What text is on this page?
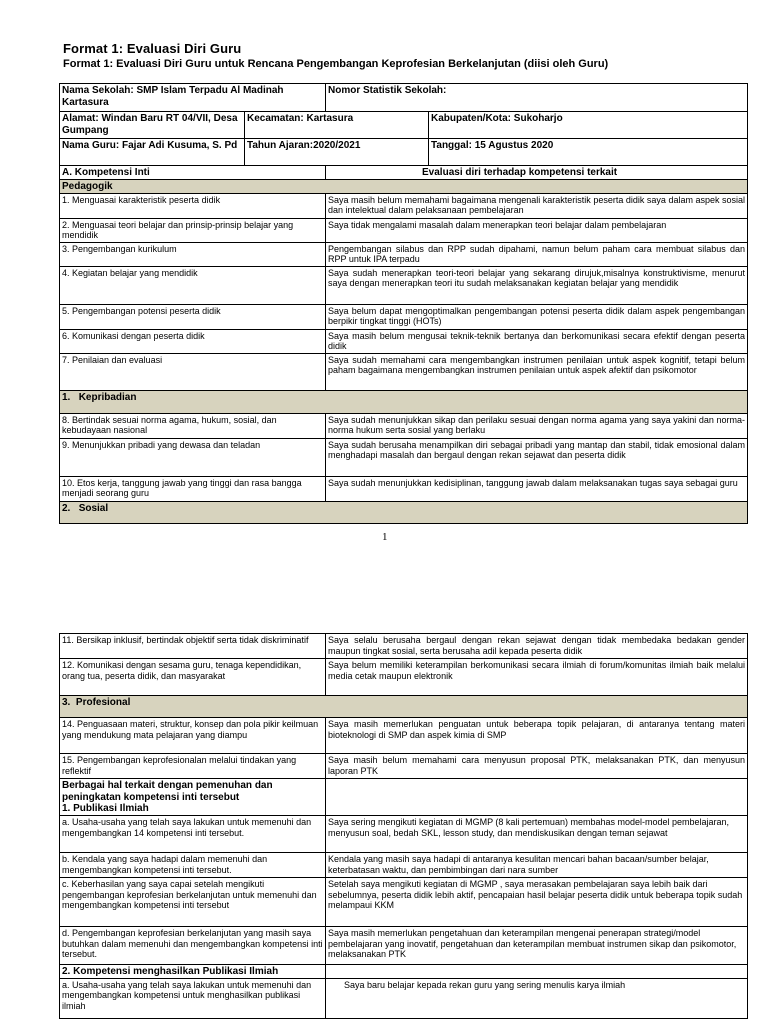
Format 1: Evaluasi Diri Guru
Format 1: Evaluasi Diri Guru untuk Rencana Pengembangan Keprofesian Berkelanjutan (diisi oleh Guru)
Nama Sekolah: SMP Islam Terpadu Al Madinah Kartasura		Nomor Statistik Sekolah:	
Alamat: Windan Baru RT 04/VII, Desa Gumpang	Kecamatan: Kartasura		Kabupaten/Kota: Sukoharjo
Nama Guru: Fajar Adi Kusuma, S. Pd	Tahun Ajaran:2020/2021		Tanggal: 15 Agustus 2020
A. Kompetensi Inti		Evaluasi diri terhadap kompetensi terkait	
Pedagogik			
1. Menguasai karakteristik peserta didik		Saya masih belum memahami bagaimana mengenali karakteristik peserta didik saya dalam aspek sosial dan intelektual dalam pelaksanaan pembelajaran	
2. Menguasai teori belajar dan prinsip-prinsip belajar yang mendidik		Saya tidak mengalami masalah dalam menerapkan teori belajar dalam pembelajaran	
3. Pengembangan kurikulum		Pengembangan silabus dan RPP sudah dipahami, namun belum paham cara membuat silabus dan RPP untuk IPA terpadu	
4. Kegiatan belajar yang mendidik		Saya sudah menerapkan teori-teori belajar yang sekarang dirujuk,misalnya konstruktivisme, menurut saya dengan menerapkan teori itu sudah melaksanakan kegiatan belajar yang mendidik	
5. Pengembangan potensi peserta didik		Saya belum dapat mengoptimalkan pengembangan potensi peserta didik dalam aspek pengembangan berpikir tingkat tinggi (HOTs)	
6. Komunikasi dengan peserta didik		Saya masih belum mengusai teknik-teknik bertanya dan berkomunikasi secara efektif dengan peserta didik	
7. Penilaian dan evaluasi		Saya sudah memahami cara mengembangkan instrumen penilaian untuk aspek kognitif, tetapi belum paham bagaimana mengembangkan instrumen penilaian untuk aspek afektif dan psikomotor	
1. Kepribadian			
8. Bertindak sesuai norma agama, hukum, sosial, dan kebudayaan nasional		Saya sudah menunjukkan sikap dan perilaku sesuai dengan norma agama yang saya yakini dan norma-norma hukum serta sosial yang berlaku	
9. Menunjukkan pribadi yang dewasa dan teladan		Saya sudah berusaha menampilkan diri sebagai pribadi yang mantap dan stabil, tidak emosional dalam menghadapi masalah dan bergaul dengan rekan sejawat dan peserta didik	
10. Etos kerja, tanggung jawab yang tinggi dan rasa bangga menjadi seorang guru		Saya sudah menunjukkan kedisiplinan, tanggung jawab dalam melaksanakan tugas saya sebagai guru	
2. Sosial			
1
11. Bersikap inklusif, bertindak objektif serta tidak diskriminatif	Saya selalu berusaha bergaul dengan rekan sejawat dengan tidak membedaka bedakan gender maupun tingkat sosial, serta berusaha adil kepada peserta didik
12. Komunikasi dengan sesama guru, tenaga kependidikan, orang tua, peserta didik, dan masyarakat	Saya belum memiliki keterampilan berkomunikasi secara ilmiah di forum/komunitas ilmiah baik melalui media cetak maupun elektronik
3. Profesional	
14. Penguasaan materi, struktur, konsep dan pola pikir keilmuan yang mendukung mata pelajaran yang diampu	Saya masih memerlukan penguatan untuk beberapa topik pelajaran, di antaranya tentang materi bioteknologi di SMP dan aspek kimia di SMP
15. Pengembangan keprofesionalan melalui tindakan yang reflektif	Saya masih belum memahami cara menyusun proposal PTK, melaksanakan PTK, dan menyusun laporan PTK

Berbagai hal terkait dengan pemenuhan dan peningkatan kompetensi inti tersebut
1. Publikasi Ilmiah	

a. Usaha-usaha yang telah saya lakukan untuk memenuhi dan mengembangkan 14 kompetensi inti tersebut.	Saya sering mengikuti kegiatan di MGMP (8 kali pertemuan) membahas model-model pembelajaran, menyusun soal, bedah SKL, lesson study, dan mendiskusikan dengan teman sejawat
b. Kendala yang saya hadapi dalam memenuhi dan mengembangkan kompetensi inti tersebut.	Kendala yang masih saya hadapi di antaranya kesulitan mencari bahan bacaan/sumber belajar, keterbatasan waktu, dan pembimbingan dari nara sumber
c. Keberhasilan yang saya capai setelah mengikuti pengembangan keprofesian berkelanjutan untuk memenuhi dan mengembangkan kompetensi inti tersebut	Setelah saya mengikuti kegiatan di MGMP , saya merasakan pembelajaran saya lebih baik dari sebelumnya, peserta didik lebih aktif, pencapaian hasil belajar peserta didik untuk beberapa topik sudah melampaui KKM
d. Pengembangan keprofesian berkelanjutan yang masih saya butuhkan dalam memenuhi dan mengembangkan kompetensi inti tersebut.	Saya masih memerlukan pengetahuan dan keterampilan mengenai penerapan strategi/model pembelajaran yang inovatif, pengetahuan dan keterampilan membuat instrumen sikap dan psikomotor, melaksanakan PTK
2. Kompetensi menghasilkan Publikasi Ilmiah	
a. Usaha-usaha yang telah saya lakukan untuk memenuhi dan mengembangkan kompetensi untuk menghasilkan publikasi ilmiah	Saya baru belajar kepada rekan guru yang sering menulis karya ilmiah
